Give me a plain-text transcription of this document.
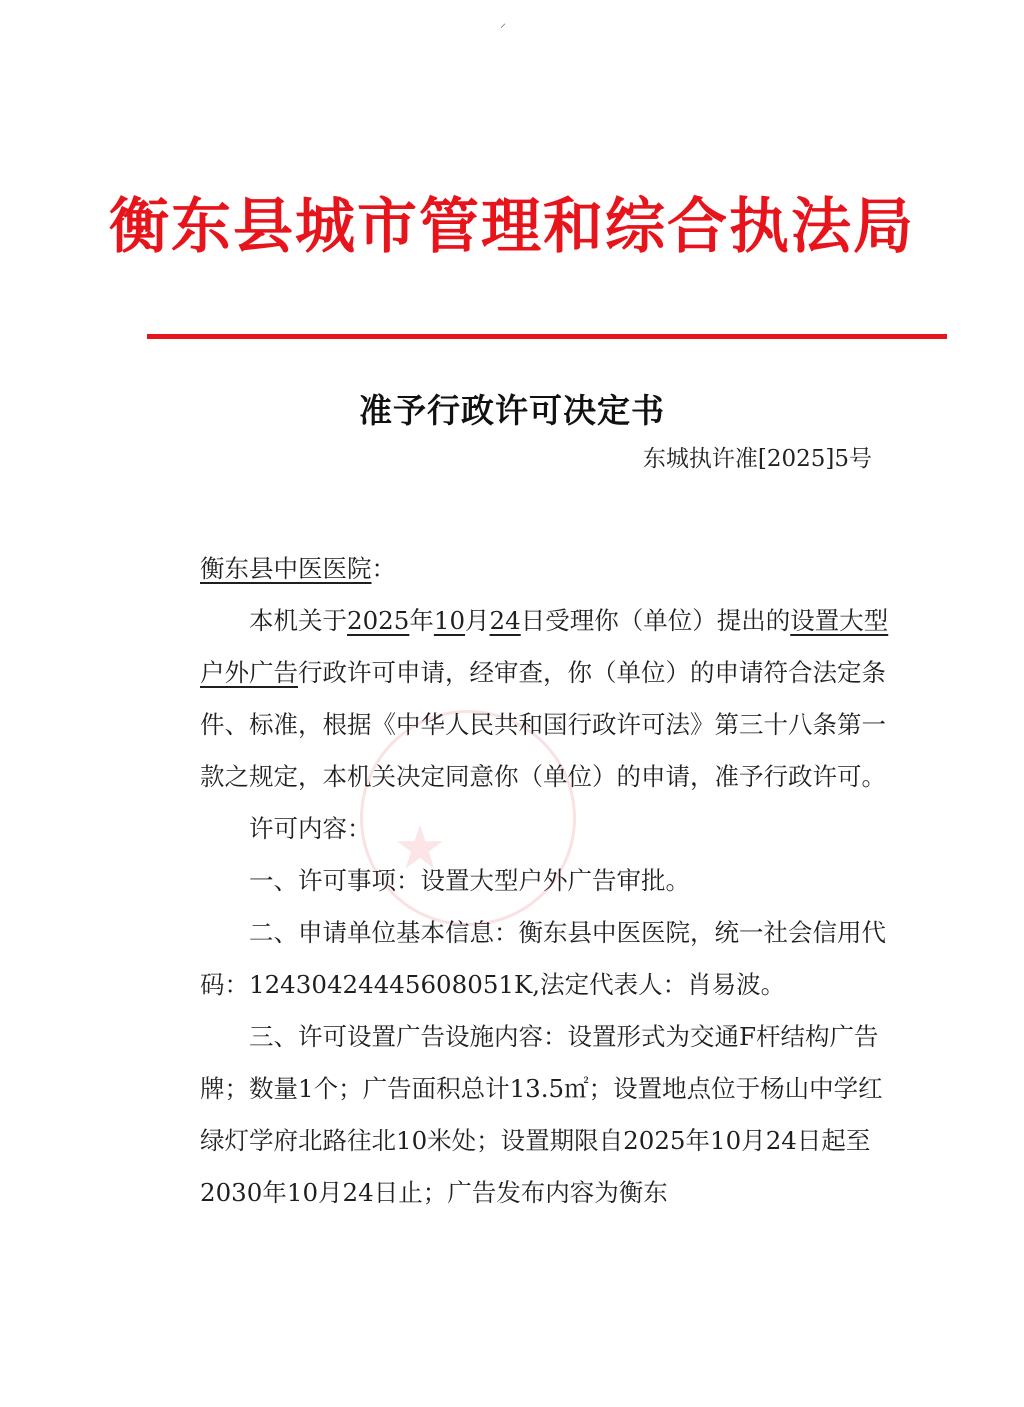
⸝
衡东县城市管理和综合执法局
准予行政许可决定书
东城执许准[2025]5号
★

衡东县中医医院：

本机关于2025年10月24日受理你（单位）提出的设置大型户外广告行政许可申请，经审查，你（单位）的申请符合法定条件、标准，根据《中华人民共和国行政许可法》第三十八条第一款之规定，本机关决定同意你（单位）的申请，准予行政许可。

许可内容：

一、许可事项：设置大型户外广告审批。

二、申请单位基本信息：衡东县中医医院，统一社会信用代码：12430424445608051K,法定代表人：肖易波。

三、许可设置广告设施内容：设置形式为交通F杆结构广告牌；数量1个；广告面积总计13.5㎡；设置地点位于杨山中学红绿灯学府北路往北10米处；设置期限自2025年10月24日起至2030年10月24日止；广告发布内容为衡东
